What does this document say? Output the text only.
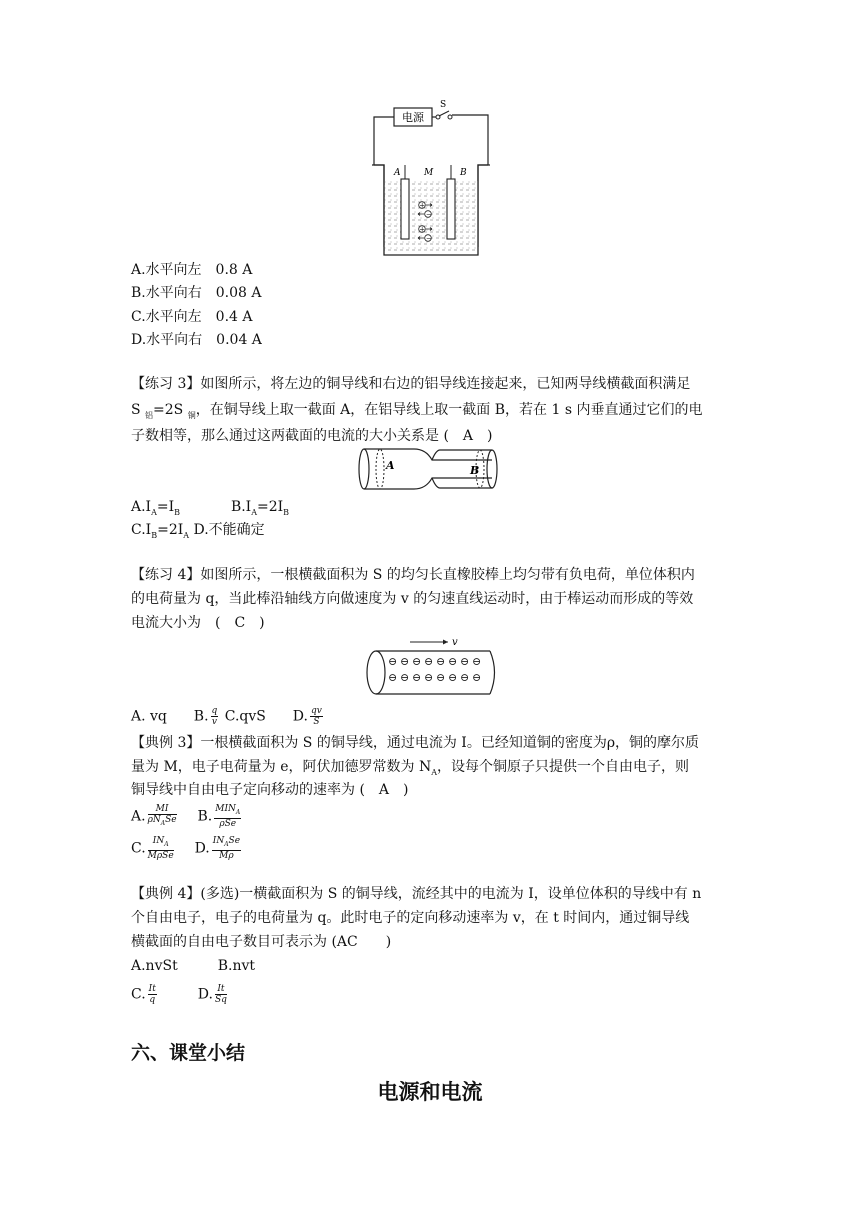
S
电源
A	M	B
+
−
+
−
A.水平向左　0.8 A
B.水平向右　0.08 A
C.水平向左　0.4 A
D.水平向右　0.04 A
【练习 3】如图所示，将左边的铜导线和右边的铝导线连接起来，已知两导线横截面积满足
S $_铝$=2S $_铜$，在铜导线上取一截面 A，在铝导线上取一截面 B，若在 1 s 内垂直通过它们的电
子数相等，那么通过这两截面的电流的大小关系是 (　A　)
A	B
$A.I_A=I_B$	$B.I_A=2I_B$
$C.I_B=2I_A$ D.不能确定
【练习 4】如图所示，一根横截面积为 S 的均匀长直橡胶棒上均匀带有负电荷，单位体积内
的电荷量为 q，当此棒沿轴线方向做速度为 v 的匀速直线运动时，由于棒运动而形成的等效
电流大小为　(　C　)
v
⊖ ⊖ ⊖ ⊖ ⊖ ⊖ ⊖ ⊖
⊖ ⊖ ⊖ ⊖ ⊖ ⊖ ⊖ ⊖
A. vq B. $\frac{q}{v} C.qvS$ D. $\frac{qv}{S}$
【典例 3】一根横截面积为 S 的铜导线，通过电流为 I。已经知道铜的密度为ρ，铜的摩尔质
量为 M，电子电荷量为 e，阿伏加德罗常数为 $N_A$，设每个铜原子只提供一个自由电子，则
铜导线中自由电子定向移动的速率为 (　A　)
A. $\frac{MI}{\rho N_ASe} B$. $\frac{MIN_A}{\text{ρSe}}$
C. $\frac{IN_A}{\text{MρSe}} D$. $\frac{IN_ASe}{M\rho}$
【典例 4】(多选)一横截面积为 S 的铜导线，流经其中的电流为 I，设单位体积的导线中有 n
个自由电子，电子的电荷量为 q。此时电子的定向移动速率为 v，在 t 时间内，通过铜导线
横截面的自由电子数目可表示为 (AC　　)
A.nvSt	B.nvt
C. $\frac{It}{q}$	D. $\frac{It}{Sq}$
六、课堂小结
电源和电流
